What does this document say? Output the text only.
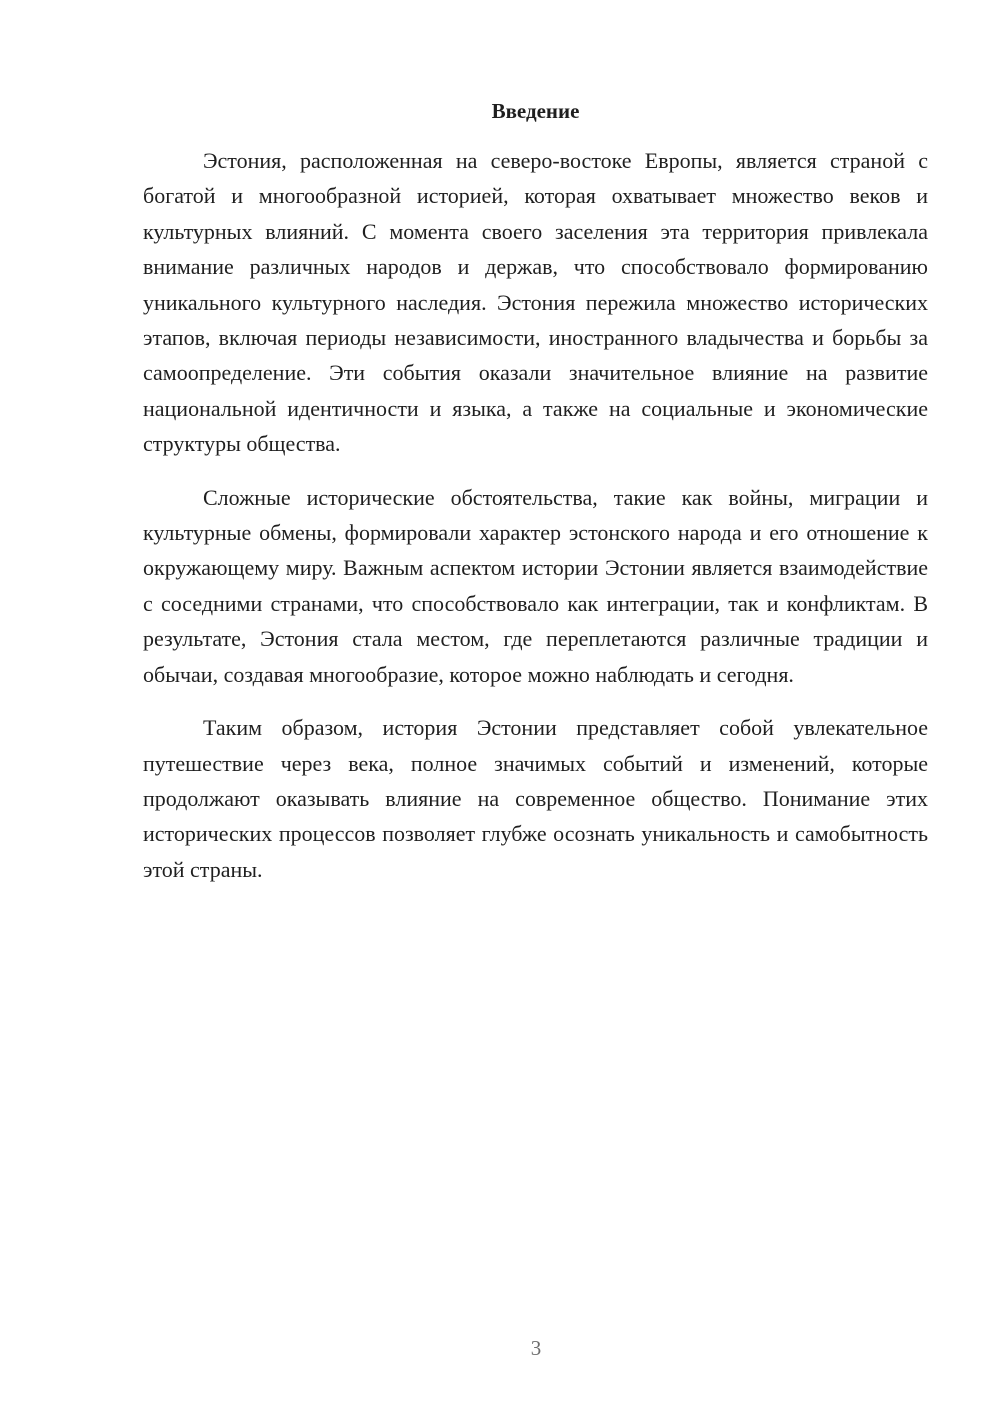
Введение

Эстония, расположенная на северо-востоке Европы, является страной с богатой и многообразной историей, которая охватывает множество веков и культурных влияний. С момента своего заселения эта территория привлекала внимание различных народов и держав, что способствовало формированию уникального культурного наследия. Эстония пережила множество исторических этапов, включая периоды независимости, иностранного владычества и борьбы за самоопределение. Эти события оказали значительное влияние на развитие национальной идентичности и языка, а также на социальные и экономические структуры общества.

Сложные исторические обстоятельства, такие как войны, миграции и культурные обмены, формировали характер эстонского народа и его отношение к окружающему миру. Важным аспектом истории Эстонии является взаимодействие с соседними странами, что способствовало как интеграции, так и конфликтам. В результате, Эстония стала местом, где переплетаются различные традиции и обычаи, создавая многообразие, которое можно наблюдать и сегодня.

Таким образом, история Эстонии представляет собой увлекательное путешествие через века, полное значимых событий и изменений, которые продолжают оказывать влияние на современное общество. Понимание этих исторических процессов позволяет глубже осознать уникальность и самобытность этой страны.

3
